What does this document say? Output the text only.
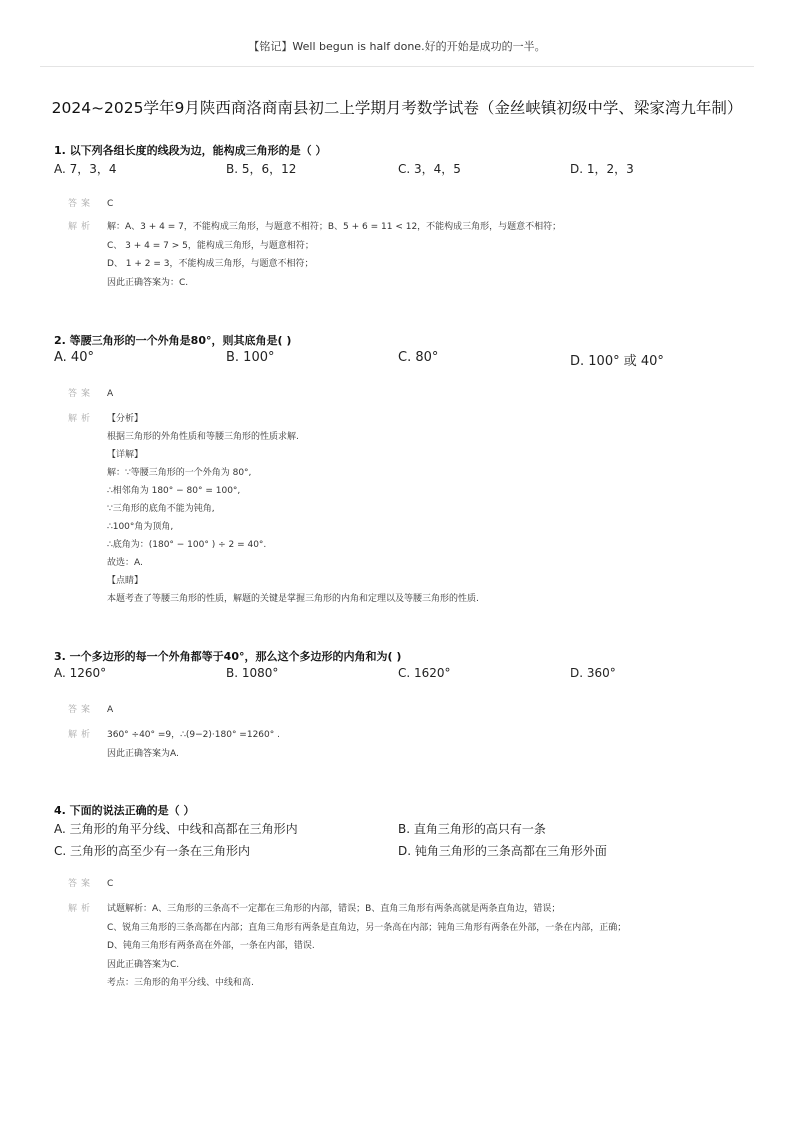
【铭记】Well begun is half done.好的开始是成功的一半。
2024~2025学年9月陕西商洛商南县初二上学期月考数学试卷（金丝峡镇初级中学、梁家湾九年制）
1. 以下列各组长度的线段为边，能构成三角形的是（ ）
A. 7，3，4	B. 5，6，12	C. 3，4，5	D. 1，2，3
答案 C
解析 解：A、3 + 4 = 7，不能构成三角形，与题意不相符；B、5 + 6 = 11 < 12，不能构成三角形，与题意不相符；
C、 3 + 4 = 7 > 5，能构成三角形，与题意相符；
D、 1 + 2 = 3，不能构成三角形，与题意不相符；
因此正确答案为：C.
2. 等腰三角形的一个外角是80°，则其底角是( )
A. 40°	B. 100°	C. 80°	D. 100° 或 40°
答案 A
解析 【分析】
根据三角形的外角性质和等腰三角形的性质求解.
【详解】
解：∵等腰三角形的一个外角为 80°,
∴相邻角为 180° − 80° = 100°,
∵三角形的底角不能为钝角,
∴100°角为顶角,
∴底角为：(180° − 100° ) ÷ 2 = 40°.
故选：A.
【点睛】
本题考查了等腰三角形的性质，解题的关键是掌握三角形的内角和定理以及等腰三角形的性质.
3. 一个多边形的每一个外角都等于40°，那么这个多边形的内角和为( )
A. 1260°	B. 1080°	C. 1620°	D. 360°
答案 A
解析 360° ÷40° =9，∴(9−2)·180° =1260° .
因此正确答案为A.
4. 下面的说法正确的是（ ）
A. 三角形的角平分线、中线和高都在三角形内	B. 直角三角形的高只有一条
C. 三角形的高至少有一条在三角形内	D. 钝角三角形的三条高都在三角形外面
答案 C
解析 试题解析：A、三角形的三条高不一定都在三角形的内部，错误；B、直角三角形有两条高就是两条直角边，错误；
C、锐角三角形的三条高都在内部；直角三角形有两条是直角边，另一条高在内部；钝角三角形有两条在外部，一条在内部，正确；
D、钝角三角形有两条高在外部，一条在内部，错误.
因此正确答案为C.
考点：三角形的角平分线、中线和高.
